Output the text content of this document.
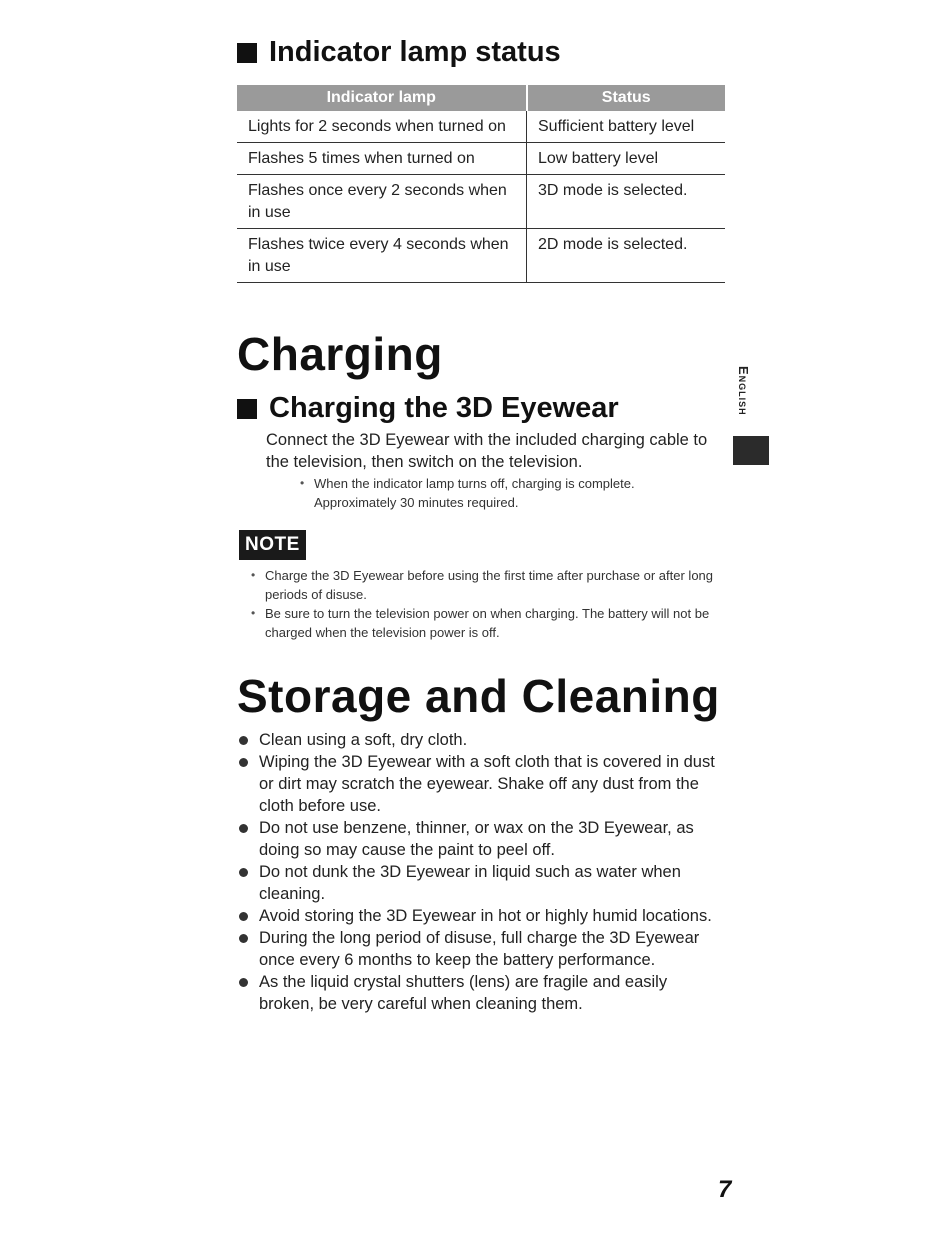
Indicator lamp status
Indicator lamp	Status
Lights for 2 seconds when turned on	Sufficient battery level
Flashes 5 times when turned on	Low battery level
Flashes once every 2 seconds when in use	3D mode is selected.
Flashes twice every 4 seconds when in use	2D mode is selected.
Charging
Charging the 3D Eyewear
Connect the 3D Eyewear with the included charging cable to the television, then switch on the television.
• When the indicator lamp turns off, charging is complete. Approximately 30 minutes required.
NOTE
• Charge the 3D Eyewear before using the first time after purchase or after long periods of disuse.
• Be sure to turn the television power on when charging. The battery will not be charged when the television power is off.
Storage and Cleaning
Clean using a soft, dry cloth.
Wiping the 3D Eyewear with a soft cloth that is covered in dust or dirt may scratch the eyewear. Shake off any dust from the cloth before use.
Do not use benzene, thinner, or wax on the 3D Eyewear, as doing so may cause the paint to peel off.
Do not dunk the 3D Eyewear in liquid such as water when cleaning.
Avoid storing the 3D Eyewear in hot or highly humid locations.
During the long period of disuse, full charge the 3D Eyewear once every 6 months to keep the battery performance.
As the liquid crystal shutters (lens) are fragile and easily broken, be very careful when cleaning them.
English
7
